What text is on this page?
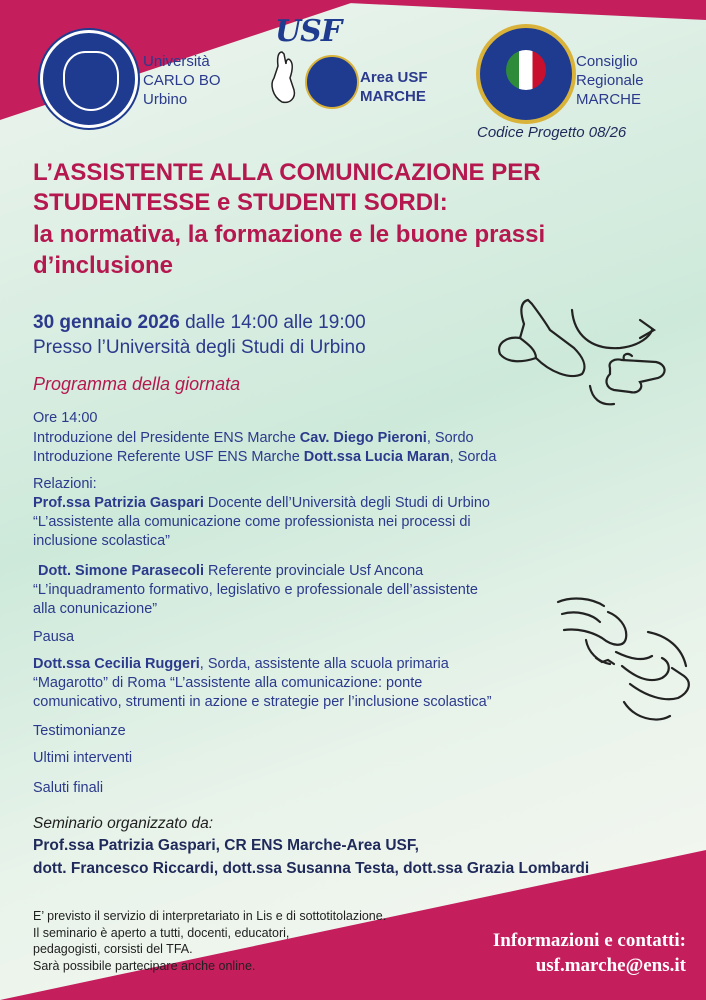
Università
CARLO BO
Urbino
USF
Area USF
MARCHE
Consiglio
Regionale
MARCHE
Codice Progetto 08/26
L’ASSISTENTE ALLA COMUNICAZIONE PER
STUDENTESSE e STUDENTI SORDI:
la normativa, la formazione e le buone prassi
d’inclusione
30 gennaio 2026 dalle 14:00 alle 19:00
Presso l’Università degli Studi di Urbino
Programma della giornata
Ore 14:00
Introduzione del Presidente ENS Marche Cav. Diego Pieroni, Sordo
Introduzione Referente USF ENS Marche Dott.ssa Lucia Maran, Sorda
Relazioni:
Prof.ssa Patrizia Gaspari Docente dell’Università degli Studi di Urbino
“L’assistente alla comunicazione come professionista nei processi di
inclusione scolastica”
Dott. Simone Parasecoli Referente provinciale Usf Ancona
“L’inquadramento formativo, legislativo e professionale dell’assistente
alla conunicazione”
Pausa
Dott.ssa Cecilia Ruggeri, Sorda, assistente alla scuola primaria
“Magarotto” di Roma “L’assistente alla comunicazione: ponte
comunicativo, strumenti in azione e strategie per l’inclusione scolastica”
Testimonianze
Ultimi interventi
Saluti finali
Seminario organizzato da:
Prof.ssa Patrizia Gaspari, CR ENS Marche-Area USF,
dott. Francesco Riccardi, dott.ssa Susanna Testa, dott.ssa Grazia Lombardi
E’ previsto il servizio di interpretariato in Lis e di sottotitolazione.
Il seminario è aperto a tutti, docenti, educatori,
pedagogisti, corsisti del TFA.
Sarà possibile partecipare anche online.
Informazioni e contatti:
usf.marche@ens.it
